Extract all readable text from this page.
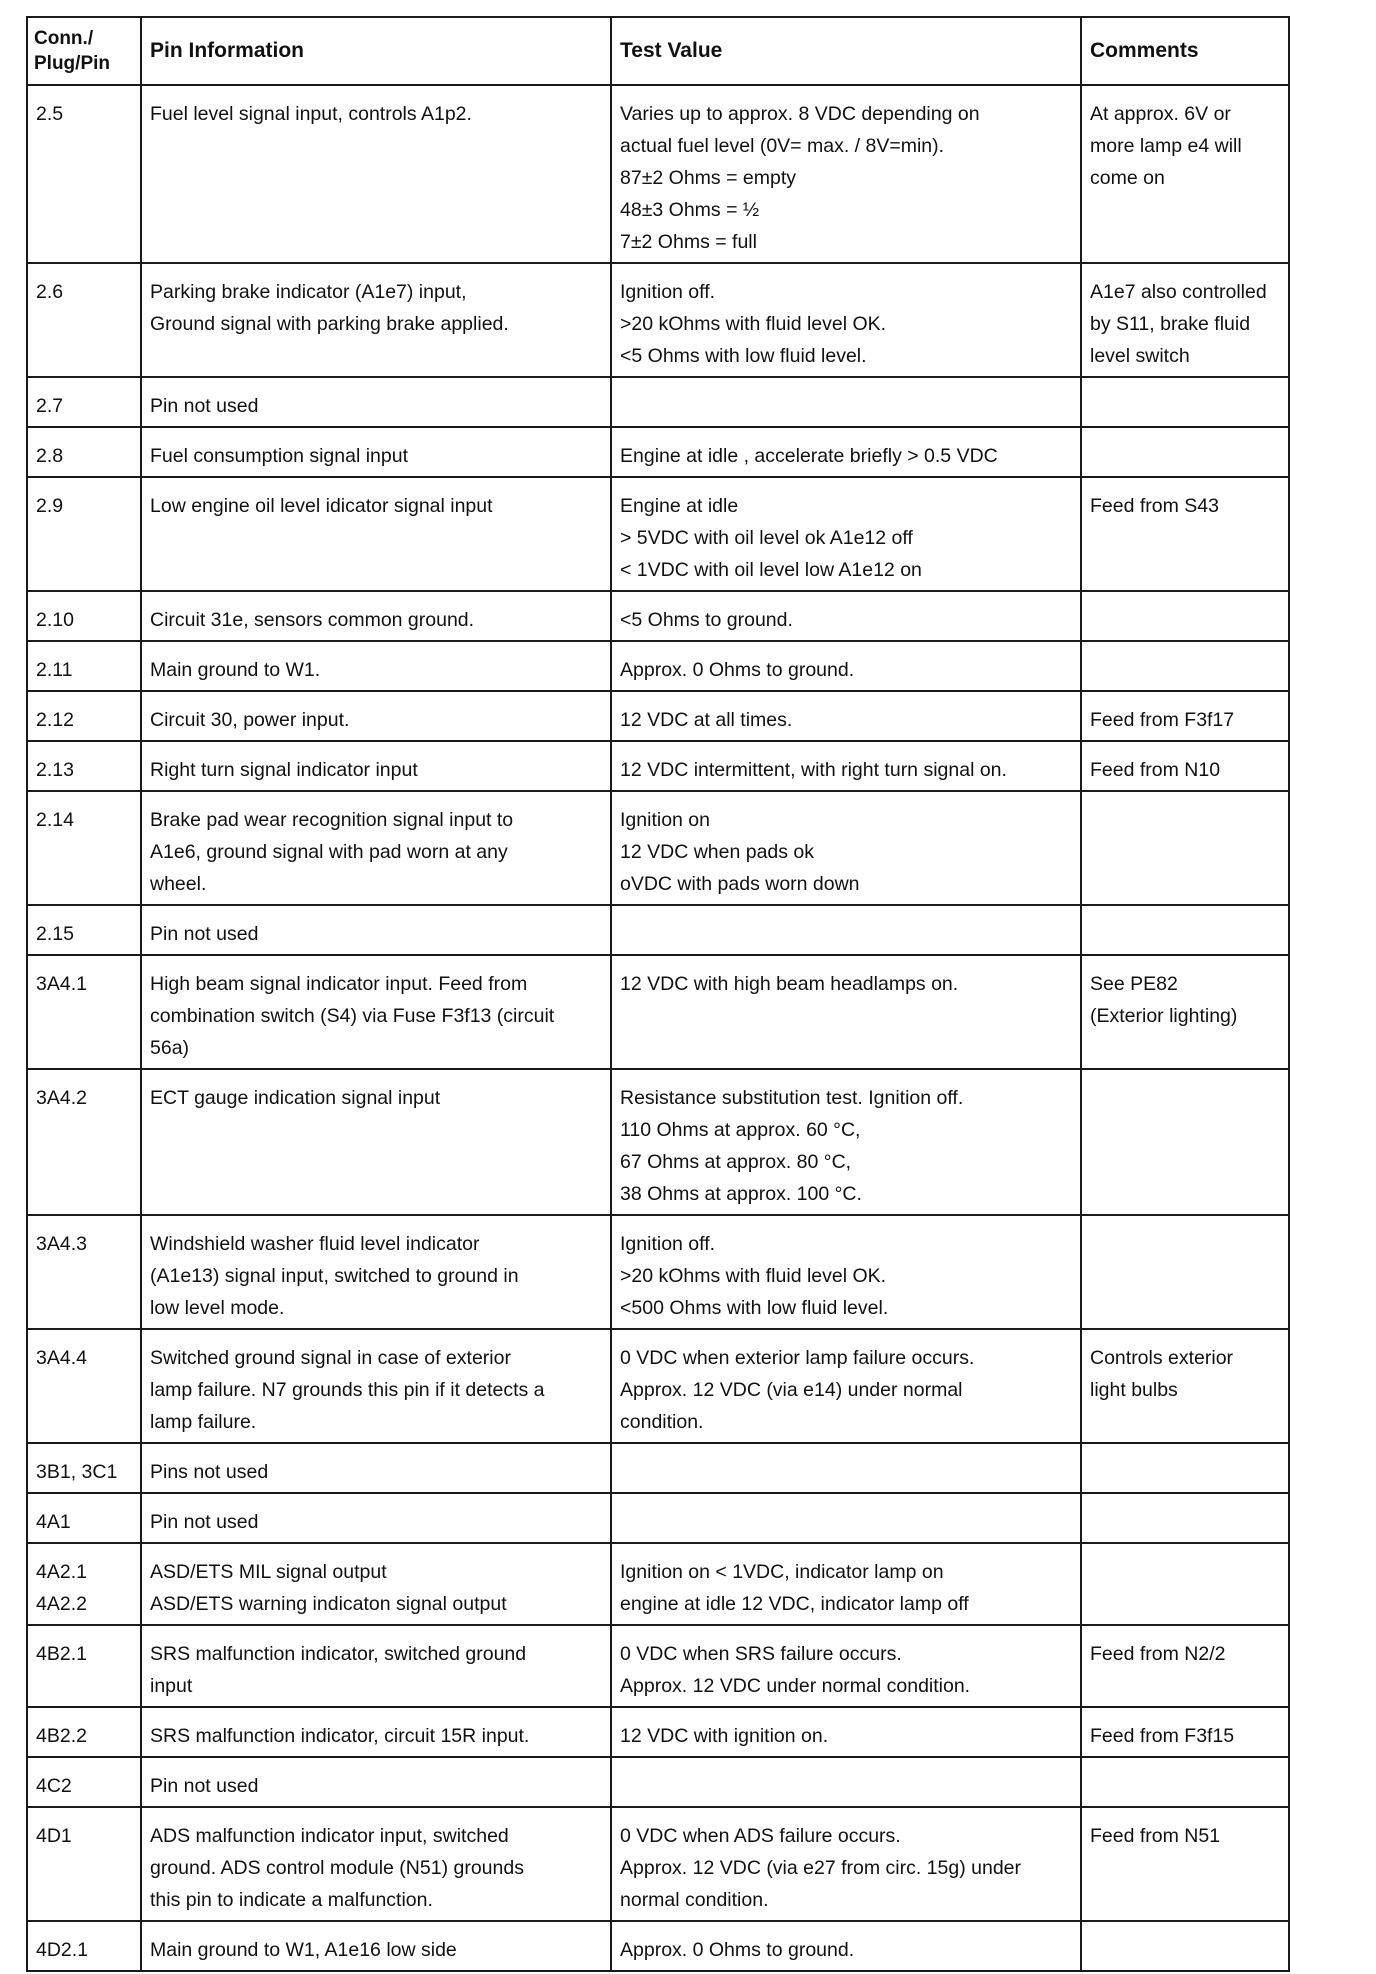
Conn./
Plug/Pin	Pin Information	Test Value	Comments

2.5	Fuel level signal input, controls A1p2.	Varies up to approx. 8 VDC depending on
actual fuel level (0V= max. / 8V=min).
87±2 Ohms = empty
48±3 Ohms = ½
7±2 Ohms = full	At approx. 6V or
more lamp e4 will
come on

2.6	Parking brake indicator (A1e7) input,
Ground signal with parking brake applied.	Ignition off.
>20 kOhms with fluid level OK.
<5 Ohms with low fluid level.	A1e7 also controlled
by S11, brake fluid
level switch

2.7	Pin not used		

2.8	Fuel consumption signal input	Engine at idle , accelerate briefly > 0.5 VDC	

2.9	Low engine oil level idicator signal input	Engine at idle
> 5VDC with oil level ok A1e12 off
< 1VDC with oil level low A1e12 on	Feed from S43

2.10	Circuit 31e, sensors common ground.	<5 Ohms to ground.	

2.11	Main ground to W1.	Approx. 0 Ohms to ground.	

2.12	Circuit 30, power input.	12 VDC at all times.	Feed from F3f17

2.13	Right turn signal indicator input	12 VDC intermittent, with right turn signal on.	Feed from N10

2.14	Brake pad wear recognition signal input to
A1e6, ground signal with pad worn at any
wheel.	Ignition on
12 VDC when pads ok
oVDC with pads worn down	

2.15	Pin not used		

3A4.1	High beam signal indicator input. Feed from
combination switch (S4) via Fuse F3f13 (circuit
56a)	12 VDC with high beam headlamps on.	See PE82
(Exterior lighting)

3A4.2	ECT gauge indication signal input	Resistance substitution test. Ignition off.
110 Ohms at approx. 60 °C,
67 Ohms at approx. 80 °C,
38 Ohms at approx. 100 °C.	

3A4.3	Windshield washer fluid level indicator
(A1e13) signal input, switched to ground in
low level mode.	Ignition off.
>20 kOhms with fluid level OK.
<500 Ohms with low fluid level.	

3A4.4	Switched ground signal in case of exterior
lamp failure. N7 grounds this pin if it detects a
lamp failure.	0 VDC when exterior lamp failure occurs.
Approx. 12 VDC (via e14) under normal
condition.	Controls exterior
light bulbs

3B1, 3C1	Pins not used		

4A1	Pin not used		

4A2.1
4A2.2	ASD/ETS MIL signal output
ASD/ETS warning indicaton signal output	Ignition on < 1VDC, indicator lamp on
engine at idle 12 VDC, indicator lamp off	

4B2.1	SRS malfunction indicator, switched ground
input	0 VDC when SRS failure occurs.
Approx. 12 VDC under normal condition.	Feed from N2/2

4B2.2	SRS malfunction indicator, circuit 15R input.	12 VDC with ignition on.	Feed from F3f15

4C2	Pin not used		

4D1	ADS malfunction indicator input, switched
ground. ADS control module (N51) grounds
this pin to indicate a malfunction.	0 VDC when ADS failure occurs.
Approx. 12 VDC (via e27 from circ. 15g) under
normal condition.	Feed from N51

4D2.1	Main ground to W1, A1e16 low side	Approx. 0 Ohms to ground.	
